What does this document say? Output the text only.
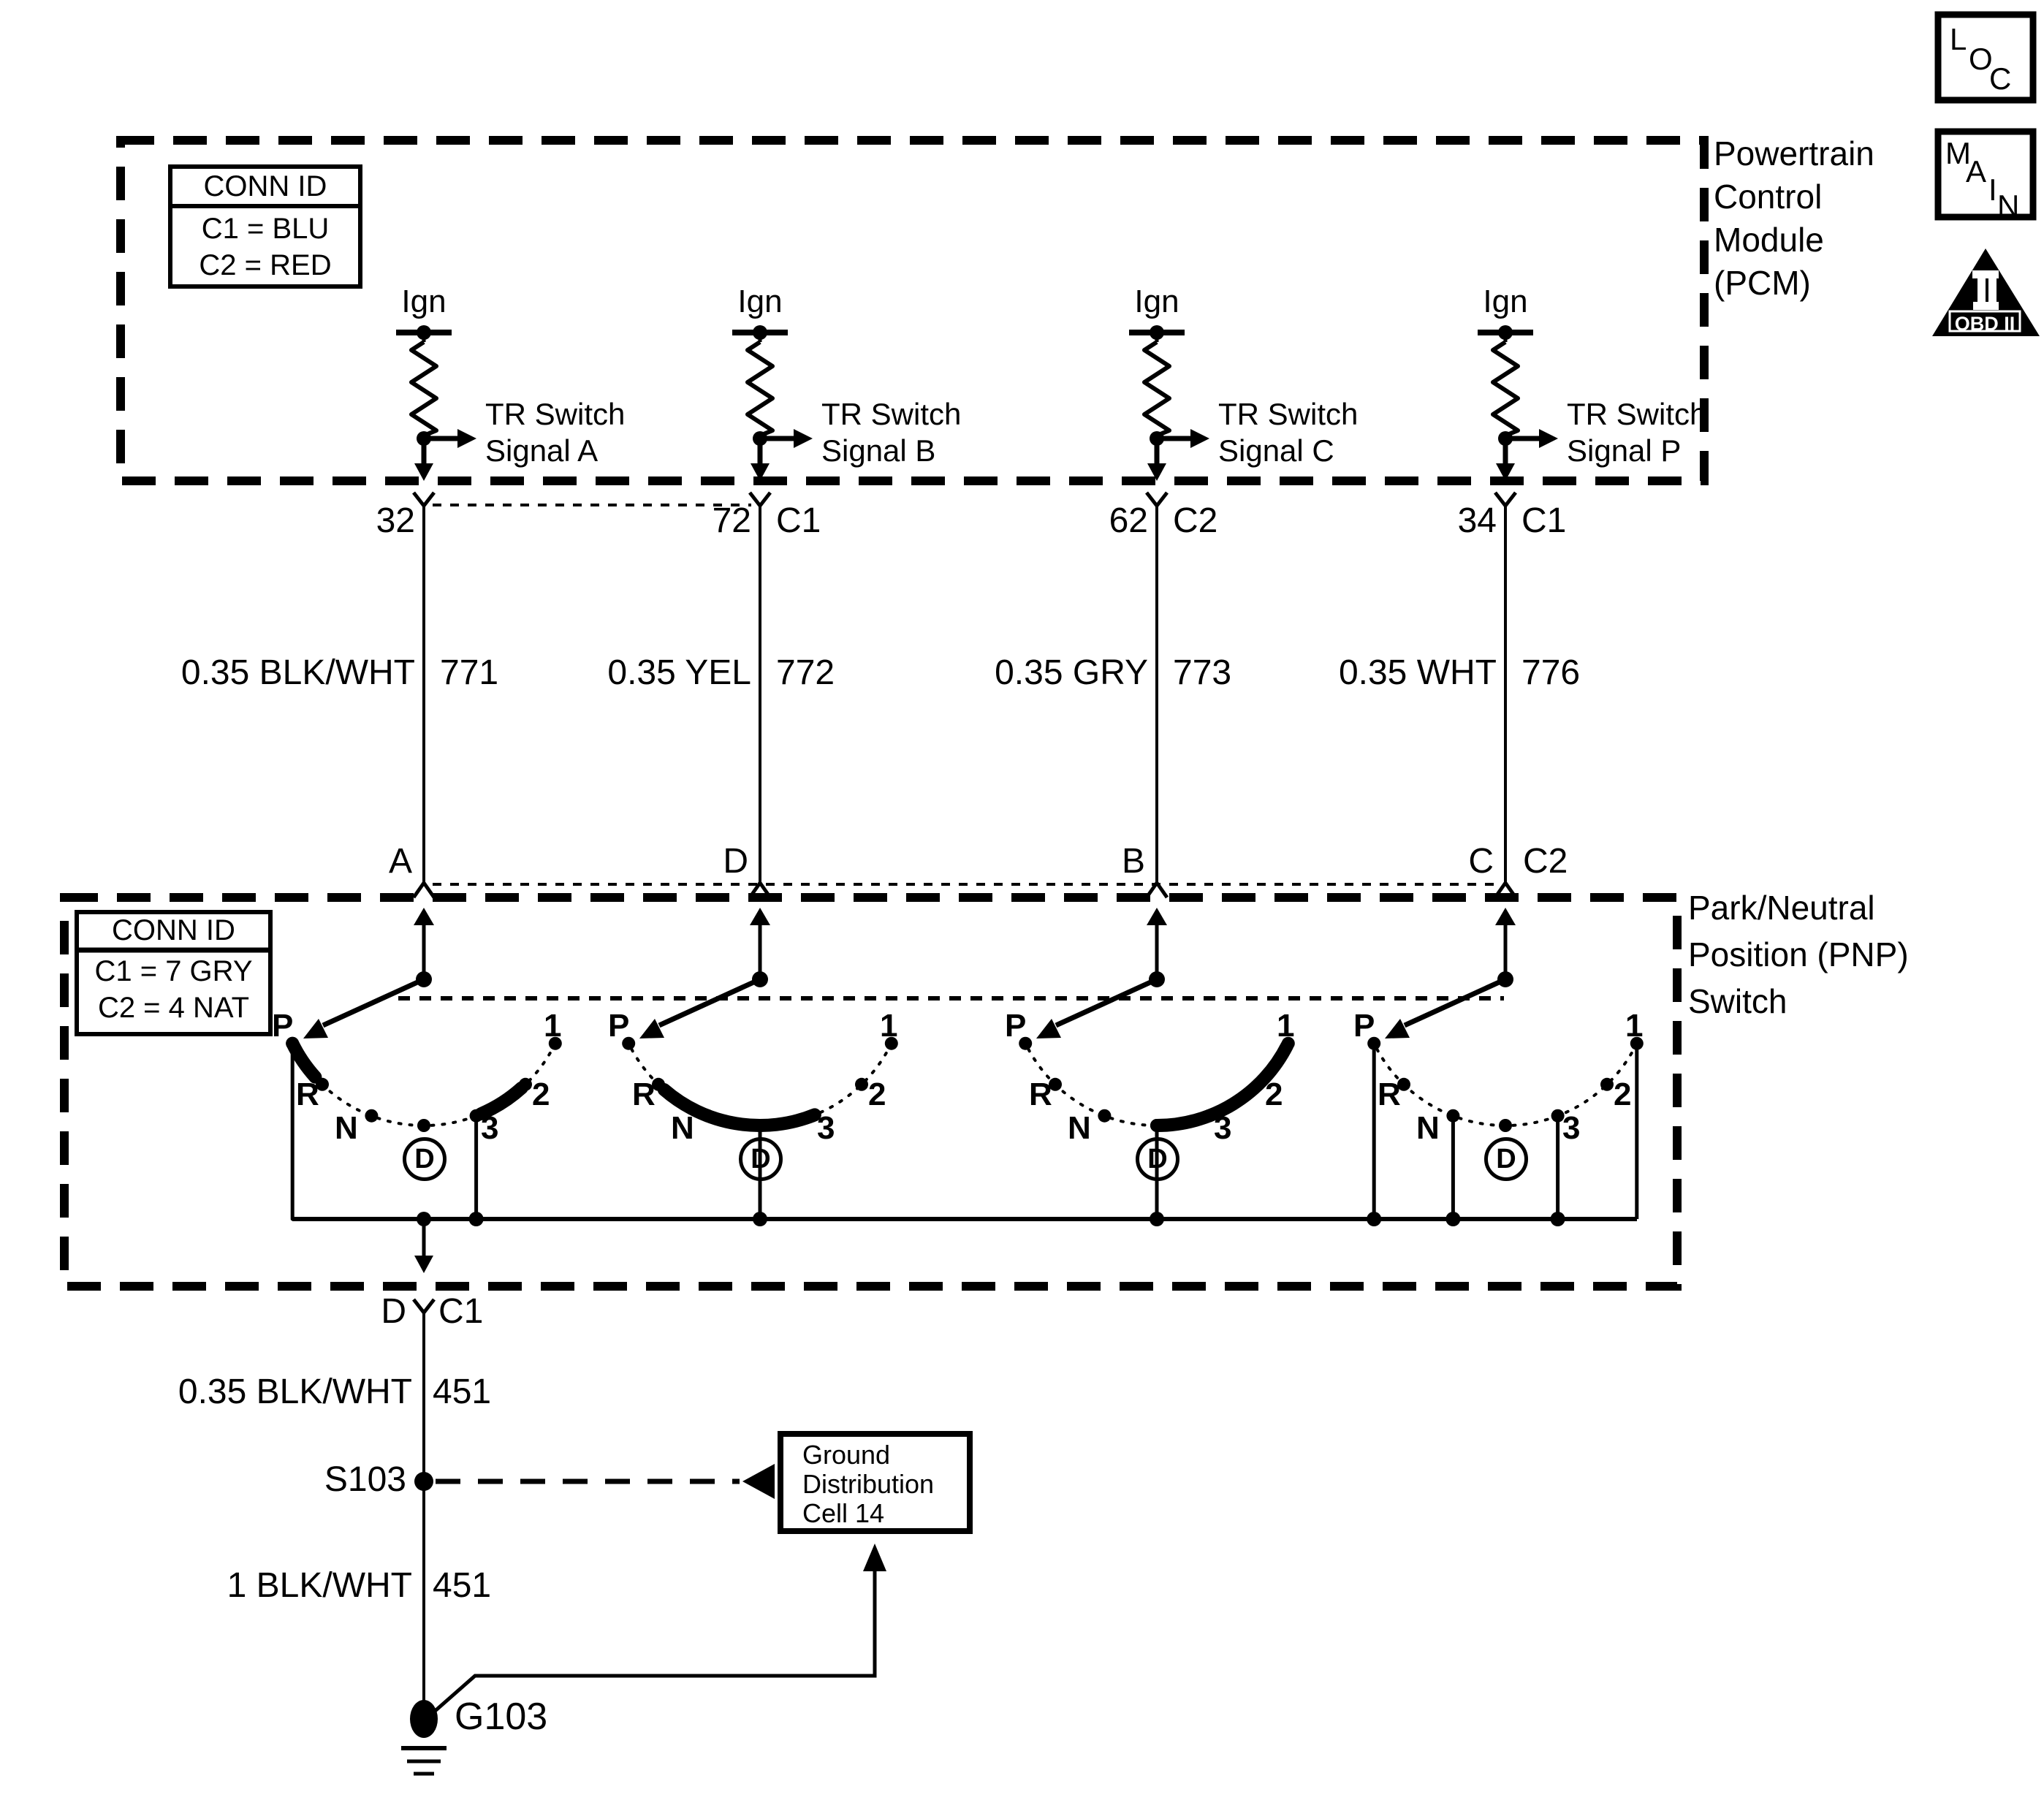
Ign
TR Switch
Signal A
32
0.35 BLK/WHT 771
A
Ign
TR Switch
Signal B
72 C1
0.35 YEL 772
D
Ign
TR Switch
Signal C
62 C2
0.35 GRY 773
B
Ign
TR Switch
Signal P
34 C1
0.35 WHT 776
C C2
Powertrain
Control
Module
(PCM)
Park/Neutral
Position (PNP)
Switch
CONN ID
C1 = BLU
C2 = RED
CONN ID
C1 = 7 GRY
C2 = 4 NAT P
R
N
D
3
2
1 P
R
N
D
3
2
1	P
R
N
D
3
2
1 P
R
N
D
3
2
1
D C1
0.35 BLK/WHT 451
S103
Ground
Distribution
Cell 14
1 BLK/WHT 451
G103
L
O
C
M
A
I N
OBD II
